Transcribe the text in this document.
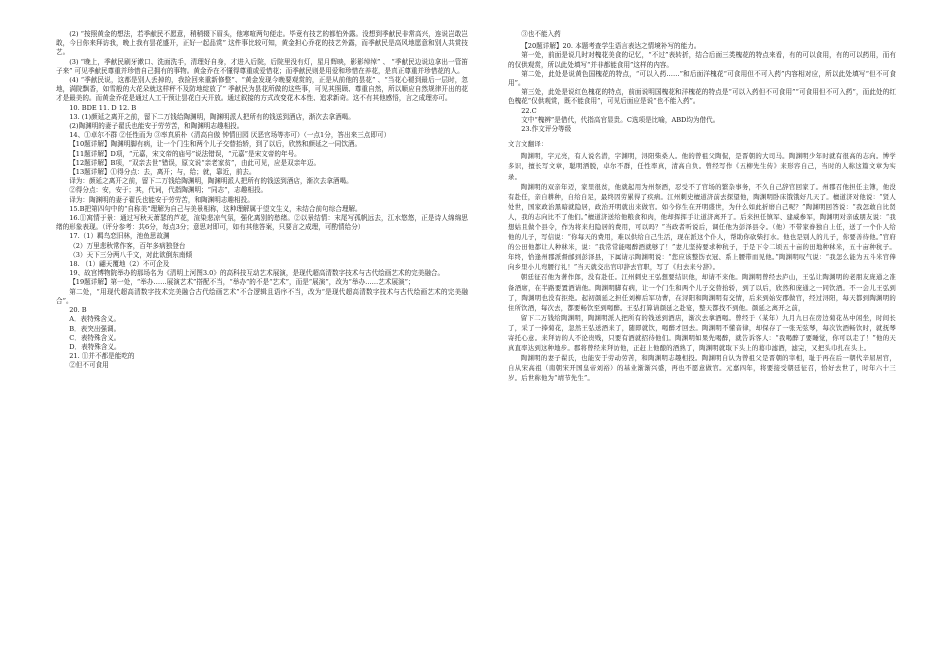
(2) “按照黄金的想法，若季献民不愿意，稍稍辍下眉头，他寒喧两句便走。毕竟有技艺的都怕外露。没想到季献民非常高兴，连说岂敢岂敢，今日你来拜访我，晚上我有昙花盛开，正好一起品赏” 这件事比较可知，黄金担心乔花的技艺外露，而季献民是高风地愿意和别人共赏技艺。

(3) “晚上，季献民刷牙漱口、洗面洗手，清理好自身，才进入后院，后院里没有灯，星月辉映，影影绰绰” 、 “季献民边说边拿出一管笛子来” 可见季献民尊重并珍惜自己拥有的事物。黄金乔在不懂得尊重或爱惜花；而季献民则是用爱和珍惜在养花，是真正尊重并珍惜花的人。

(4) “季献民说，这都是别人丢掉的，我捡回来重新修整”、“黄金发现今晚要观赏的，正是从前他的昙花” 、“当花心褪到最后一层时，忽地，满院飘香，如雪般的大花朵就这样秤不及防地绽放了” 季献民为昙花所做的这些事，可见其照顾、尊重自然，所以顺应自然规律开出的花才是最美的。而黄金乔花是通过人工干预让昙花白天开放。通过叙接的方式改变花木本性、追求新奇。这不有其他感悟，言之成理亦可。

10. BDE 11. D 12. B

13. (1)颜延之离开之前，留下二万钱给陶渊明，陶渊明派人把所有的钱送到酒店，渐次去拿酒喝。

(2)陶渊明的妻子翟氏也能安于劳劳苦，和陶渊明志趣相投。

14、①卓尔不群 ②任性而为 ③率真质朴（清高自傲 钟情田园 厌恶官场等亦可）（一点1分，答出来三点即可）

【10题详解】陶渊明脚有病，让一个门生和两个儿子交替抬轿，到了以后，欣然和颜延之一同饮酒。

【11题详解】D项，“元嘉，宋文帝的庙号”说法错误，“元嘉”是宋文帝的年号。

【12题详解】B项，“双亲去世”错误，原文说“亲老家贫”，由此可见，应是双亲年迈。

【13题详解】①得分点：去，离开；与，给；就，靠近，前去。

译为：颜延之离开之前，留下二万钱给陶渊明，陶渊明派人把所有的钱送到酒店，渐次去拿酒喝。

②得分点：安，安于；其，代词，代指陶渊明；“同志”，志趣相投。

译为：陶渊明的妻子翟氏也能安于劳劳苦，和陶渊明志趣相投。

15.B把第四句中的“自称美”理解为自己与美景相称，这种理解属于望文生义，未结合前句综合理解。

16.①寓情于景：通过写秋天萧瑟的芦花，渲染悲凉气氛，强化离别的愁绪。②以景结情：末尾写孤帆远去，江水悠悠，正是诗人绵绵思绪的形象表现。（评分参考：共6分，每点3分；意思对即可，如有其他答案，只要言之成理，可酌情给分）

17.（1）羁鸟恋旧林，池鱼思故渊

（2）万里悲秋常作客，百年多病独登台

（3）天下三分两八千文，对此欲倒东南倾

18. （1）翩天覆地（2）不可企及

19、故宫博物院举办的那场名为《清明上河图3.0》的高科技互动艺术展演，是现代超高清数字技术与古代绘画艺术的完美融合。

【19题详解】第一处，“举办……展演艺术”搭配不当，“举办”的不是“艺术”，而是“展演”，改为“举办……艺术展演”；

第二处，“用现代超高清数字技术完美融合古代绘画艺术”不合逻辑且语序不当，改为“是现代超高清数字技术与古代绘画艺术的完美融合”。

20. B

A．表特殊含义。

B．表突出强调。

C．表特殊含义。

D．表特殊含义。

21. ①并不都是能吃的

②但不可食用

③也不能入药

【20题详解】20. 本题考查学生语言表达之情境补写的能力。

第一处，前面是说几时对槐花美食的记忆，“不过”表转折，结合后面三类槐花的特点来看，有的可以食用，有的可以药用，而有的仅供观赏，所以此处填写“并非都能食用”这样的内容。

第二处，此处是说黄色国槐花的特点，“可以入药……”和后面洋槐花“可食用但不可入药”内容相对应，所以此处填写“但不可食用”。

第三处，此处是说红色槐花的特点，前面说明国槐花和洋槐花的特点是“可以入药但不可食用”“可食用但不可入药”，而此处的红色槐花“仅供观赏，既不能食用”，可见后面应是说“也不能入药”。

22.C

文中“槐辨”是借代，代指高官显贵。C选项是比喻，ABD均为借代。

23.作文评分等级

文言文翻译：

陶渊明，字元亮，有人说名潜，字渊明，浔阳柴桑人。他的曾祖父陶侃，是晋朝的大司马。陶渊明少年时就有很高的志向。博学多识，擅长写文章，聪明洒脱，卓尔不群，任性率真，清高自负。曾经写作《五柳先生传》来形容自己，当时的人称这篇文章为实录。

陶渊明的双亲年迈，家里很贫，他就起用为州祭酒，忍受不了官场的繁杂事务，不久自己辞官回家了。州郡召他担任主簿，他没有赴任，亲自耕种，自给自足，最终因劳累得了疾病。江州刺史檀道济前去探望他，陶渊明卧床饿饿好几天了。檀道济对他说：“贤人处世，国家政治黑暗就隐居，政治开明就出来做官。如今你生在开明盛世，为什么如此折磨自己呢？”陶渊明回答说：“我怎敢自比贤人，我的志向比不了他们。”檀道济送给他粮食和肉，他却挥挥手让道济离开了。后来担任镇军、建威参军，陶渊明对亲戚朋友说：“我想姑且做个县令，作为将来归隐居的费用，可以吗？”当政者听说后，调任他为彭泽县令。（他）不带家眷独自上任，送了一个仆人给他的儿子，写信说：“你每天的费用，难以供给自己生活，现在派这个仆人，帮助你砍柴打水。他也是别人的儿子，你要善待他。”官府的公田他都让人种秫米，说：“我常常能喝醉酒就够了！”妻儿坚持要求种秔子，于是下令二顷五十亩的田地种秫米，五十亩种秔子。年终，恰逢州郡派督邮到彭泽县，下属请示陶渊明说：“您应该整饬衣冠、系上腰带而见他。”陶渊明叹气说：“我怎么能为五斗米官俸向乡里小儿弯腰行礼！”当天就交出官印辞去官职，写了《归去来兮辞》。

朝廷征召他为著作郎，没有赴任。江州刺史王弘想要结识他，却请不来他。陶渊明曾经去庐山，王弘让陶渊明的老朋友庞通之准备酒席，在半路要置酒请他。陶渊明脚有病，让一个门生和两个儿子交替抬轿，到了以后，欣然和庞通之一同饮酒。不一会儿王弘到了，陶渊明也没有拒绝。起初颜延之担任刘柳后军功曹，在浔阳和陶渊明有交情，后来到始安郡做官，经过浔阳，每天都到陶渊明的住所饮酒，每次去，都要畅饮至到喝醉。王弘打算请颜延之赴宴，整天都找不到他。颜延之离开之前，

留下二万钱给陶渊明，陶渊明派人把所有的钱送到酒店，渐次去拿酒喝。曾经于（某年）九月九日在房边菊花丛中闲坐，时间长了，采了一捧菊花，忽然王弘送酒来了，随即就饮，喝醉才回去。陶渊明不懂音律，却保存了一张无弦琴，每次饮酒畅饮时，就抚琴寄托心意。来拜访的人不论贵贱，只要有酒就招待他们。陶渊明如果先喝醉，就告诉客人：“我喝醉了要睡觉，你可以走了！”他的天真直率达到这种地步。郡将曾经来拜访他，正赶上他酿的酒熟了，陶渊明就取下头上的葛巾滤酒，滤完，又把头巾扎在头上。

陶渊明的妻子翟氏，也能安于劳动劳苦，和陶渊明志趣相投。陶渊明自认为曾祖父是晋朝的宰相，耻于再在后一朝代辛屈居官，自从宋高祖（南朝宋开国皇帝刘裕）的基业渐渐兴盛，再也不愿意做官。元嘉四年，将要接受朝廷征召，恰好去世了，时年六十三岁。后世称他为“靖节先生”。
